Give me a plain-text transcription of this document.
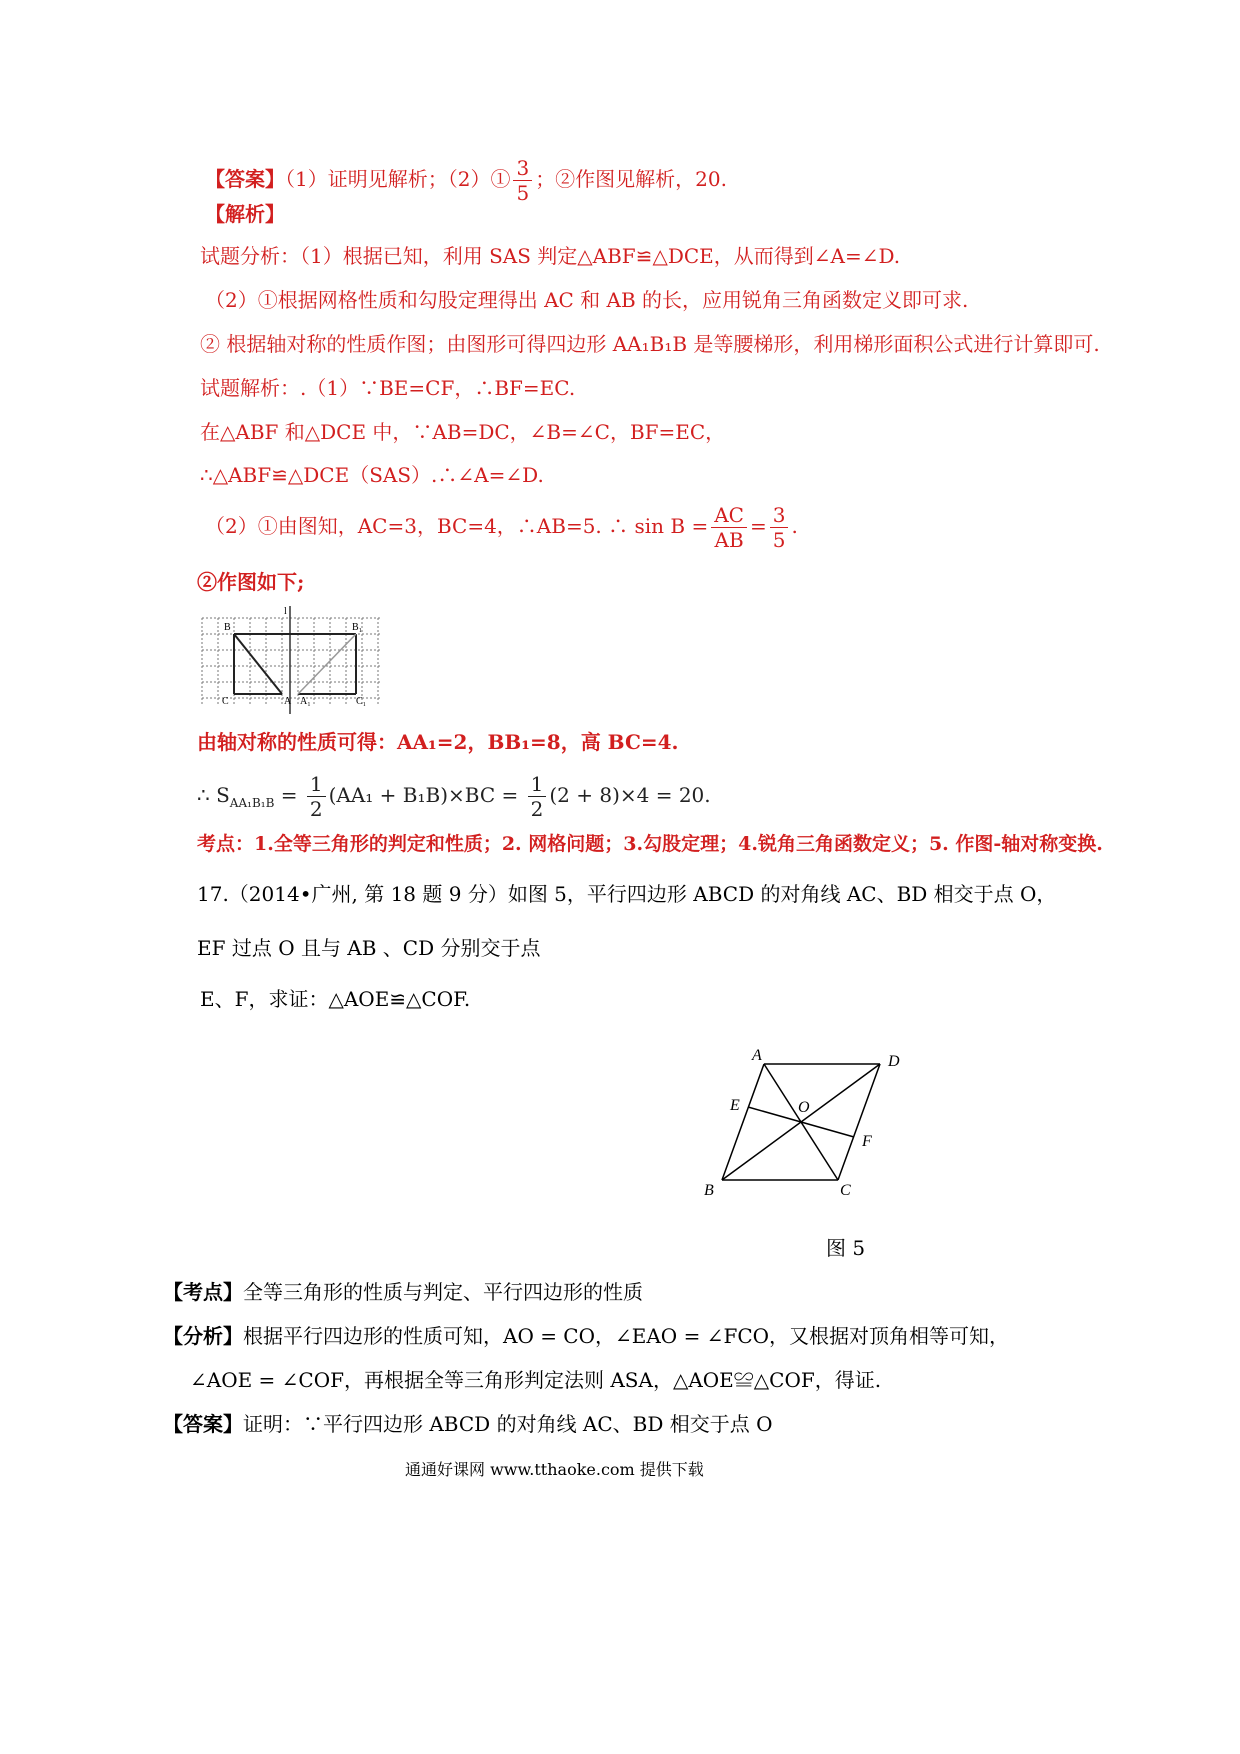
【答案】（1）证明见解析；（2）① $\frac{3}{5}$ ；②作图见解析，20.
【解析】
试题分析：（1）根据已知，利用 SAS 判定△ABF≌△DCE，从而得到∠A=∠D.
（2）①根据网格性质和勾股定理得出 AC 和 AB 的长，应用锐角三角函数定义即可求.
② 根据轴对称的性质作图；由图形可得四边形 AA₁B₁B 是等腰梯形，利用梯形面积公式进行计算即可.
试题解析：.（1）∵BE=CF，∴BF=EC.
在△ABF 和△DCE 中，∵AB=DC，∠B=∠C，BF=EC，
∴△ABF≌△DCE（SAS）.∴∠A=∠D.
（2）①由图知，AC=3，BC=4，∴AB=5. ∴ $\sin B = \frac{AC}{AB} = \frac{3}{5}$ .
②作图如下;
B	B₁
C	A A₁	C₁
l
由轴对称的性质可得：AA₁=2，BB₁=8，高 BC=4.
∴ $S_{AA_1B_1B} = \frac{1}{2} (AA_1 + B_1B)\times BC = \frac{1}{2} (2 + 8)\times 4 = 20$.
考点：1.全等三角形的判定和性质；2. 网格问题；3.勾股定理；4.锐角三角函数定义；5. 作图-轴对称变换.
17.（2014•广州, 第 18 题 9 分）如图 5，平行四边形 ABCD 的对角线 AC、BD 相交于点 O，
EF 过点 O 且与 AB 、CD 分别交于点
E、F，求证：△AOE≌△COF.
A	D
E	O
F
B	C
图 5
【考点】全等三角形的性质与判定、平行四边形的性质
【分析】根据平行四边形的性质可知，AO = CO，∠EAO = ∠FCO，又根据对顶角相等可知，
∠AOE = ∠COF，再根据全等三角形判定法则 ASA，△AOE≌△COF，得证.
【答案】证明：∵平行四边形 ABCD 的对角线 AC、BD 相交于点 O
通通好课网 www.tthaoke.com 提供下载
